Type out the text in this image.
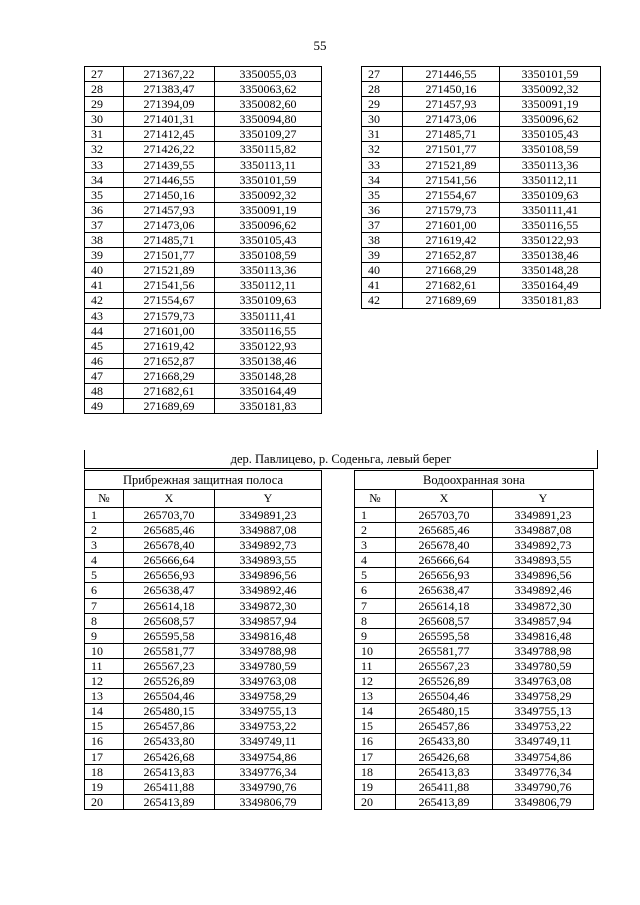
55
27	271367,22	3350055,03
28	271383,47	3350063,62
29	271394,09	3350082,60
30	271401,31	3350094,80
31	271412,45	3350109,27
32	271426,22	3350115,82
33	271439,55	3350113,11
34	271446,55	3350101,59
35	271450,16	3350092,32
36	271457,93	3350091,19
37	271473,06	3350096,62
38	271485,71	3350105,43
39	271501,77	3350108,59
40	271521,89	3350113,36
41	271541,56	3350112,11
42	271554,67	3350109,63
43	271579,73	3350111,41
44	271601,00	3350116,55
45	271619,42	3350122,93
46	271652,87	3350138,46
47	271668,29	3350148,28
48	271682,61	3350164,49
49	271689,69	3350181,83
27	271446,55	3350101,59
28	271450,16	3350092,32
29	271457,93	3350091,19
30	271473,06	3350096,62
31	271485,71	3350105,43
32	271501,77	3350108,59
33	271521,89	3350113,36
34	271541,56	3350112,11
35	271554,67	3350109,63
36	271579,73	3350111,41
37	271601,00	3350116,55
38	271619,42	3350122,93
39	271652,87	3350138,46
40	271668,29	3350148,28
41	271682,61	3350164,49
42	271689,69	3350181,83
дер. Павлицево, р. Соденьга, левый берег
Прибрежная защитная полоса		
№	X	Y
1	265703,70	3349891,23
2	265685,46	3349887,08
3	265678,40	3349892,73
4	265666,64	3349893,55
5	265656,93	3349896,56
6	265638,47	3349892,46
7	265614,18	3349872,30
8	265608,57	3349857,94
9	265595,58	3349816,48
10	265581,77	3349788,98
11	265567,23	3349780,59
12	265526,89	3349763,08
13	265504,46	3349758,29
14	265480,15	3349755,13
15	265457,86	3349753,22
16	265433,80	3349749,11
17	265426,68	3349754,86
18	265413,83	3349776,34
19	265411,88	3349790,76
20	265413,89	3349806,79
Водоохранная зона		
№	X	Y
1	265703,70	3349891,23
2	265685,46	3349887,08
3	265678,40	3349892,73
4	265666,64	3349893,55
5	265656,93	3349896,56
6	265638,47	3349892,46
7	265614,18	3349872,30
8	265608,57	3349857,94
9	265595,58	3349816,48
10	265581,77	3349788,98
11	265567,23	3349780,59
12	265526,89	3349763,08
13	265504,46	3349758,29
14	265480,15	3349755,13
15	265457,86	3349753,22
16	265433,80	3349749,11
17	265426,68	3349754,86
18	265413,83	3349776,34
19	265411,88	3349790,76
20	265413,89	3349806,79
